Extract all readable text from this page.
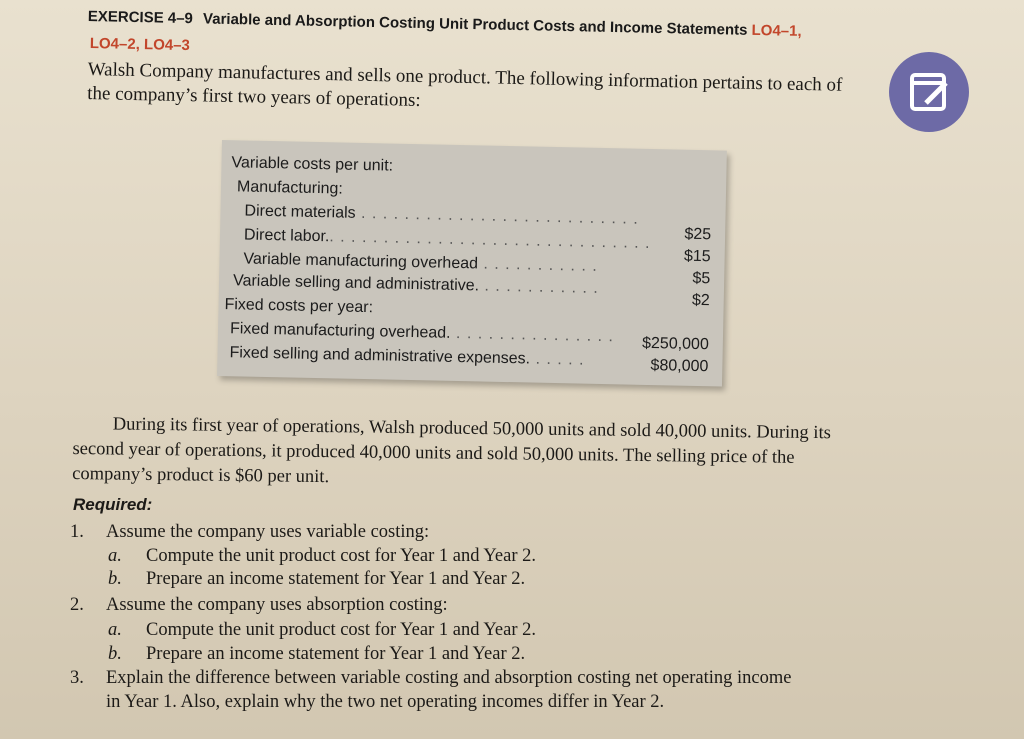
EXERCISE 4–9 Variable and Absorption Costing Unit Product Costs and Income Statements LO4–1,
LO4–2, LO4–3
Walsh Company manufactures and sells one product. The following information pertains to each of the company’s first two years of operations:
Variable costs per unit:
Manufacturing:
Direct materials . . . . . . . . . . . . . . . . . . . . . . . . . .
$25
Direct labor.. . . . . . . . . . . . . . . . . . . . . . . . . . . . . .
$15
Variable manufacturing overhead . . . . . . . . . . .
$5
Variable selling and administrative. . . . . . . . . . . .
$2
Fixed costs per year:
Fixed manufacturing overhead. . . . . . . . . . . . . . . . $250,000
Fixed selling and administrative expenses. . . . . .	$80,000
During its first year of operations, Walsh produced 50,000 units and sold 40,000 units. During its second year of operations, it produced 40,000 units and sold 50,000 units. The selling price of the company’s product is $60 per unit.
Required:
1. Assume the company uses variable costing:
a. Compute the unit product cost for Year 1 and Year 2.
b. Prepare an income statement for Year 1 and Year 2.
2. Assume the company uses absorption costing:
a. Compute the unit product cost for Year 1 and Year 2.
b. Prepare an income statement for Year 1 and Year 2.
3. Explain the difference between variable costing and absorption costing net operating income
in Year 1. Also, explain why the two net operating incomes differ in Year 2.
